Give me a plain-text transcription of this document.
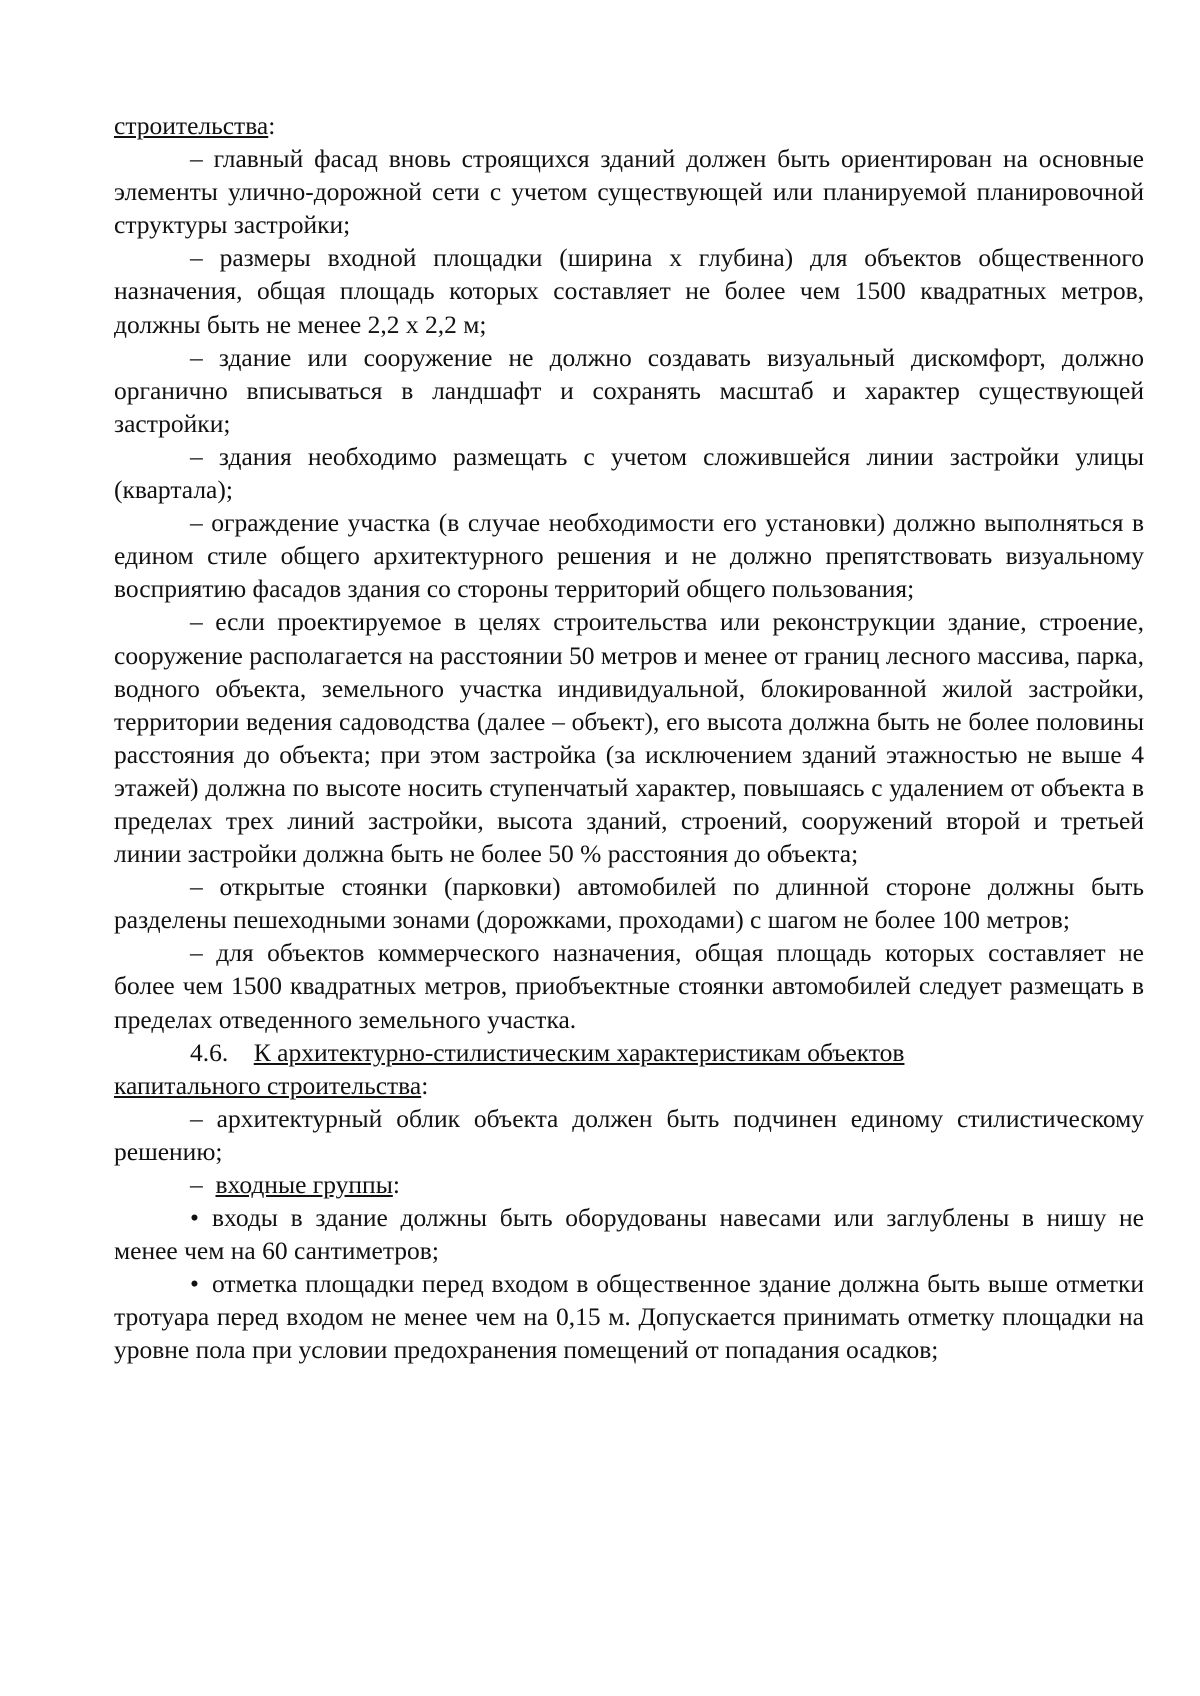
строительства:

– главный фасад вновь строящихся зданий должен быть ориентирован на основные элементы улично-дорожной сети с учетом существующей или планируемой планировочной структуры застройки;

– размеры входной площадки (ширина х глубина) для объектов общественного назначения, общая площадь которых составляет не более чем 1500 квадратных метров, должны быть не менее 2,2 х 2,2 м;

– здание или сооружение не должно создавать визуальный дискомфорт, должно органично вписываться в ландшафт и сохранять масштаб и характер существующей застройки;

– здания необходимо размещать с учетом сложившейся линии застройки улицы (квартала);

– ограждение участка (в случае необходимости его установки) должно выполняться в едином стиле общего архитектурного решения и не должно препятствовать визуальному восприятию фасадов здания со стороны территорий общего пользования;

– если проектируемое в целях строительства или реконструкции здание, строение, сооружение располагается на расстоянии 50 метров и менее от границ лесного массива, парка, водного объекта, земельного участка индивидуальной, блокированной жилой застройки, территории ведения садоводства (далее – объект), его высота должна быть не более половины расстояния до объекта; при этом застройка (за исключением зданий этажностью не выше 4 этажей) должна по высоте носить ступенчатый характер, повышаясь с удалением от объекта в пределах трех линий застройки, высота зданий, строений, сооружений второй и третьей линии застройки должна быть не более 50 % расстояния до объекта;

– открытые стоянки (парковки) автомобилей по длинной стороне должны быть разделены пешеходными зонами (дорожками, проходами) с шагом не более 100 метров;

– для объектов коммерческого назначения, общая площадь которых составляет не более чем 1500 квадратных метров, приобъектные стоянки автомобилей следует размещать в пределах отведенного земельного участка.

4.6. К архитектурно-стилистическим характеристикам объектов

капитального строительства:

– архитектурный облик объекта должен быть подчинен единому стилистическому решению;

– входные группы:

• входы в здание должны быть оборудованы навесами или заглублены в нишу не менее чем на 60 сантиметров;

• отметка площадки перед входом в общественное здание должна быть выше отметки тротуара перед входом не менее чем на 0,15 м. Допускается принимать отметку площадки на уровне пола при условии предохранения помещений от попадания осадков;
